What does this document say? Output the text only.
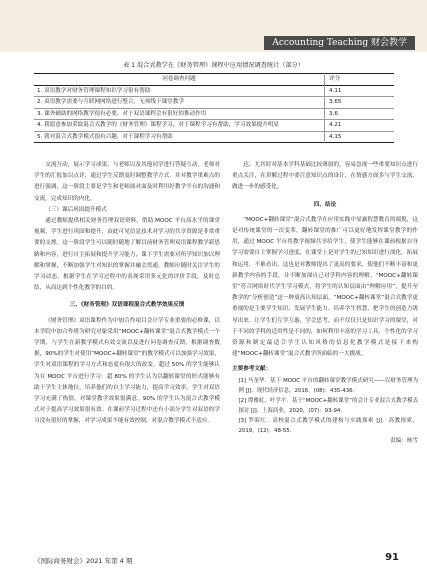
Accounting Teaching 财会教学
表 1 混合式教学在《财务管理》课程中应用情况调查统计（部分）
问卷调查问题	评分
1. 双语教学对财务管理课程知识学习很有帮助	4.11
2. 双语教学需要与互联网网络进行整合，无须线下课堂教学	3.65
3. 课外辅助的网络教学很有必要，对于双语课程会有很好的推动作用	3.6
4. 我愿意参加采取混合式教学的《财务管理》课程学习，对于课程学习有帮助，学习效果提升明显	4.21
5. 我对混合式教学模式很有兴趣，对于课程学习有帮助	4.15

交流互动，展示学习成果，与老师以及其他同学进行答疑互动，老师对学生的汇报加以点评，通过学生反馈及时调整教学方式，并对教学重难点的进行强调，这一阶段主要是学生和老师面对面及时利用好教学平台的沟通和交流，完成知识的内化。

（三）课后巩固提升模式

通过教师提供相关财务管理双语资料，借助 MOOC 平台高水平的课堂视频，学生进行巩固和提升，由此可见信息技术对学习的共享资源是非常重要的支撑。这一阶段学生可以随时随地了解目前财务管理双语课程教学新思路和内容，进行自主拓展和提升学习能力，课下学生需要对所学知识加以理解和掌握，不断加强学生对知识的掌握并融会贯通。教师应随时关注学生的学习动态，根据学生在学习过程中的表现采用多元化的评价手段，及时总结，从而达到个性化教学的目的。

三、《财务管理》双语课程混合式教学效果反馈

《财务管理》双语课程作为中加合作项目会计学专业重要的必修课，以本学院中加合作班为研究对象采用“MOOC+翻转课堂”混合式教学模式一个学期，与学生在新教学模式有效交流以及进行问卷调查反馈，根据调查数据，90%的学生对使用“MOOC+翻转课堂”的教学模式可以加强学习效果，学生对双语课程的学习方式和态度有很大的改变。超过 50% 的学生能够认为在 MOOC 平台进行学习：超 80% 的学生认为以翻转课堂的形式能够有助于学生主体地位，培养他们的自主学习能力，提高学习效率，学生对双语学习充满了热情，对课堂教学效果很满意，90% 的学生认为混合式教学模式对于提高学习效果很有效。在课前学习过程中还有小部分学生对双语的学习没有很好的掌握，对学习成果不能有效控制，对混合教学模式不适应。

达，尤其时对基本学科基础比较薄弱的，容易忽视一些重要知识点进行重点关注，在讲解过程中要注意知识点的设计，在情感方面多与学生交流，做进一步的感受化。

四、结论

“MOOC+翻转课堂”混合式教学在应用实践中显露智慧教育的端倪，这是对传统课堂的一次变革，翻转课堂的推广可以更好地发挥课堂教学的作用，通过 MOOC 平台将教学视频共享给学生，使学生能够在课前根据自身学习需要自主掌握学习进度，在课堂上是对学生的已知知识进行深化，拓展和运用，不难看出，这也是对教师提出了更高的要求，使他们不断丰富和更新教学内容的手段，并不断加深自己对学科内容的理解。“MOOC+翻转课堂”符合网络时代学生学习模式，将学生的认知层面由“理解应用”，提升至教学的“分析创造”这一种更高认知层面，“MOOC+翻转课堂”混合式教学更重视的是主要学生知识、发展学生能力、培养学生智慧，把学生的创造力诱导出来，让学生们互学互惠，学会思考，而不仅仅只是知识学习的课堂，对于不同的学科的适用性是不同的，如何利用丰富的学习工具，个性化的学习资源和制定最适合学生认知风格的信息化教学模式是接下来构建“MOOC+翻转课堂”混合式教学所面临的一大挑战。

主要参考文献：

[1] 马奎华．基于 MOOC 平台的翻转课堂教学模式研究——以财务管理为例 [J]．现代经济信息，2016，(08)：435-436.

[2] 谭雅虹，叶学平．基于“MOOC+翻转课堂”的会计专业混合式教学模式探讨 [J]．上海商业，2020，(07)：93-94.

[3] 罗昭红．高校混合式教学模式的建构与实践探索 [J]．高教探索，2019，(12)：48-55.

责编：杨雪

《国际商务财会》2021 年第 4 期	91
